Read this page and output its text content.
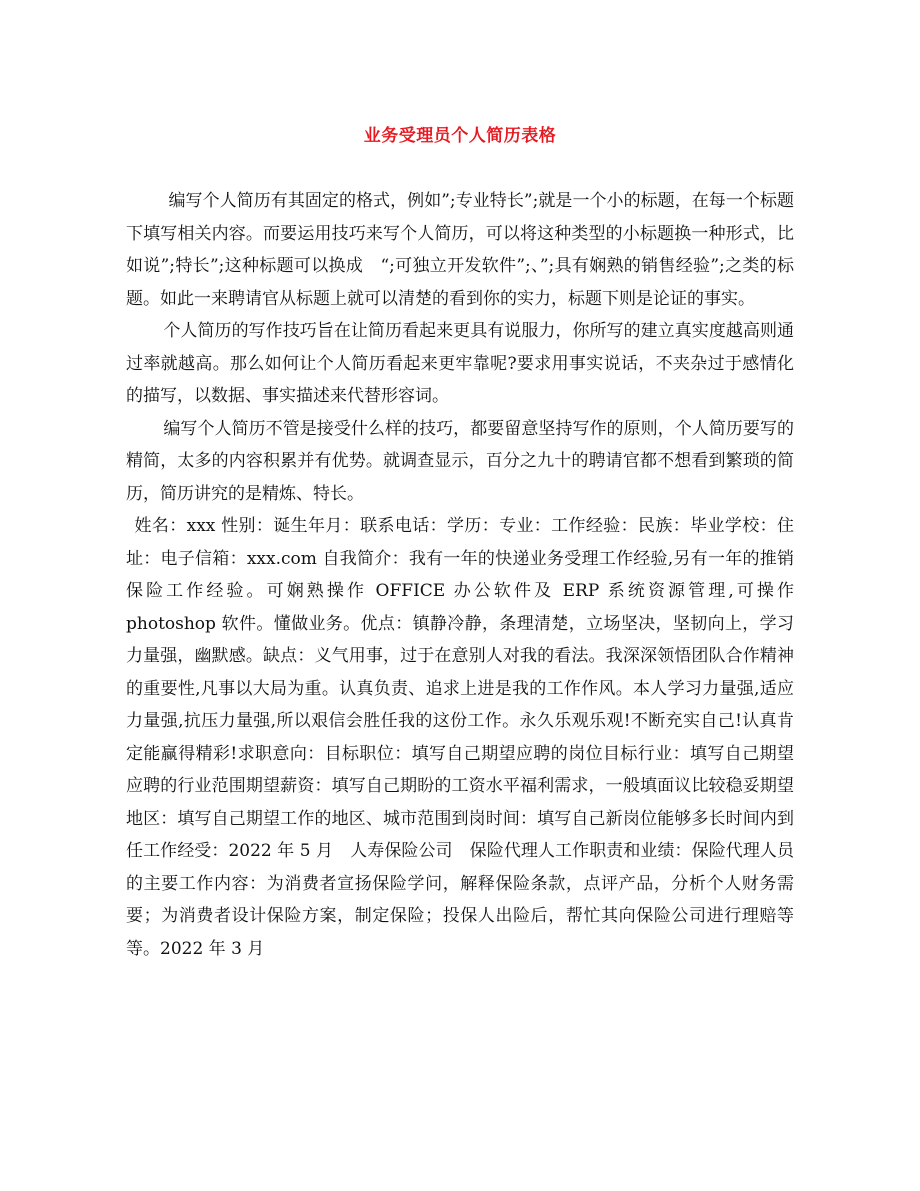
业务受理员个人简历表格

编写个人简历有其固定的格式，例如”;专业特长”;就是一个小的标题，在每一个标题下填写相关内容。而要运用技巧来写个人简历，可以将这种类型的小标题换一种形式，比如说”;特长”;这种标题可以换成　“;可独立开发软件”;、”;具有娴熟的销售经验”;之类的标题。如此一来聘请官从标题上就可以清楚的看到你的实力，标题下则是论证的事实。

个人简历的写作技巧旨在让简历看起来更具有说服力，你所写的建立真实度越高则通过率就越高。那么如何让个人简历看起来更牢靠呢?要求用事实说话，不夹杂过于感情化的描写，以数据、事实描述来代替形容词。

编写个人简历不管是接受什么样的技巧，都要留意坚持写作的原则，个人简历要写的精简，太多的内容积累并有优势。就调查显示，百分之九十的聘请官都不想看到繁琐的简历，简历讲究的是精炼、特长。

姓名：xxx 性别：诞生年月：联系电话：学历：专业：工作经验：民族：毕业学校：住址：电子信箱：xxx.com 自我简介：我有一年的快递业务受理工作经验,另有一年的推销保险工作经验。可娴熟操作 OFFICE 办公软件及 ERP 系统资源管理,可操作 photoshop 软件。懂做业务。优点：镇静冷静，条理清楚，立场坚决，坚韧向上，学习力量强，幽默感。缺点：义气用事，过于在意别人对我的看法。我深深领悟团队合作精神的重要性,凡事以大局为重。认真负责、追求上进是我的工作作风。本人学习力量强,适应力量强,抗压力量强,所以艰信会胜任我的这份工作。永久乐观乐观!不断充实自己!认真肯定能赢得精彩!求职意向：目标职位：填写自己期望应聘的岗位目标行业：填写自己期望应聘的行业范围期望薪资：填写自己期盼的工资水平福利需求，一般填面议比较稳妥期望地区：填写自己期望工作的地区、城市范围到岗时间：填写自己新岗位能够多长时间内到任工作经受：2022 年 5 月　人寿保险公司　保险代理人工作职责和业绩：保险代理人员的主要工作内容：为消费者宣扬保险学问，解释保险条款，点评产品，分析个人财务需要；为消费者设计保险方案，制定保险；投保人出险后，帮忙其向保险公司进行理赔等等。2022 年 3 月
